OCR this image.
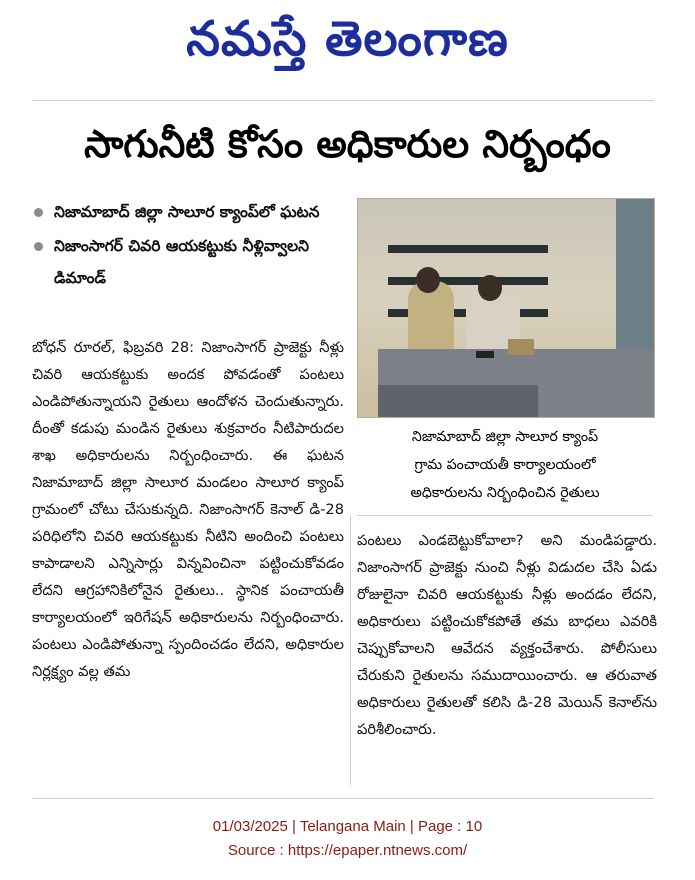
నమస్తే తెలంగాణ
సాగునీటి కోసం అధికారుల నిర్బంధం
నిజామాబాద్ జిల్లా సాలూర క్యాంప్‌లో ఘటన
నిజాంసాగర్ చివరి ఆయకట్టుకు నీళ్లివ్వాలని డిమాండ్
బోధన్ రూరల్, ఫిబ్రవరి 28: నిజాంసాగర్ ప్రాజెక్టు నీళ్లు చివరి ఆయకట్టుకు అందక పోవడంతో పంటలు ఎండిపోతున్నాయని రైతులు ఆందోళన చెందుతున్నారు. దీంతో కడుపు మండిన రైతులు శుక్రవారం నీటిపారుదల శాఖ అధికారులను నిర్బంధించారు. ఈ ఘటన నిజామాబాద్ జిల్లా సాలూర మండలం సాలూర క్యాంప్ గ్రామంలో చోటు చేసుకున్నది. నిజాంసాగర్ కెనాల్ డి-28 పరిధిలోని చివరి ఆయకట్టుకు నీటిని అందించి పంటలు కాపాడాలని ఎన్నిసార్లు విన్నవించినా పట్టించుకోవడం లేదని ఆగ్రహానికిలోనైన రైతులు.. స్థానిక పంచాయతీ కార్యాలయంలో ఇరిగేషన్ అధికారులను నిర్బంధించారు. పంటలు ఎండిపోతున్నా స్పందించడం లేదని, అధికారుల నిర్లక్ష్యం వల్ల తమ
నిజామాబాద్ జిల్లా సాలూర క్యాంప్
గ్రామ పంచాయతీ కార్యాలయంలో
అధికారులను నిర్బంధించిన రైతులు
పంటలు ఎండబెట్టుకోవాలా? అని మండిపడ్డారు. నిజాంసాగర్ ప్రాజెక్టు నుంచి నీళ్లు విడుదల చేసి ఏడు రోజులైనా చివరి ఆయకట్టుకు నీళ్లు అందడం లేదని, అధికారులు పట్టించుకోకపోతే తమ బాధలు ఎవరికి చెప్పుకోవాలని ఆవేదన వ్యక్తంచేశారు. పోలీసులు చేరుకుని రైతులను సముదాయించారు. ఆ తరువాత అధికారులు రైతులతో కలిసి డి-28 మెయిన్ కెనాల్‌ను పరిశీలించారు.
01/03/2025 | Telangana Main | Page : 10
Source : https://epaper.ntnews.com/
